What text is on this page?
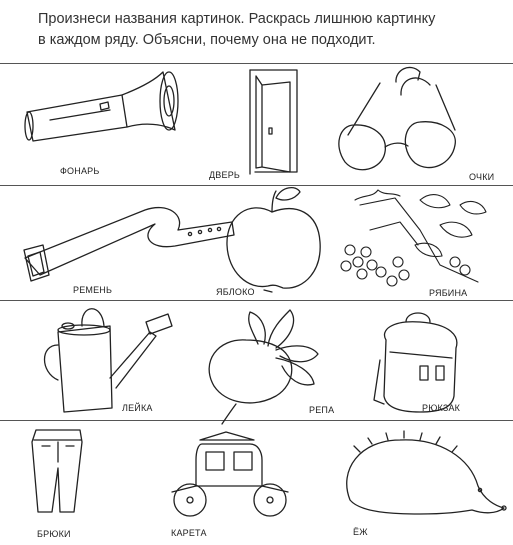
Произнеси названия картинок. Раскрась лишнюю картинку
в каждом ряду. Объясни, почему она не подходит.
ФОНАРЬ	ДВЕРЬ	ОЧКИ
РЕМЕНЬ	ЯБЛОКО	РЯБИНА
ЛЕЙКА	РЕПА	РЮКЗАК
БРЮКИ	КАРЕТА	ЁЖ
